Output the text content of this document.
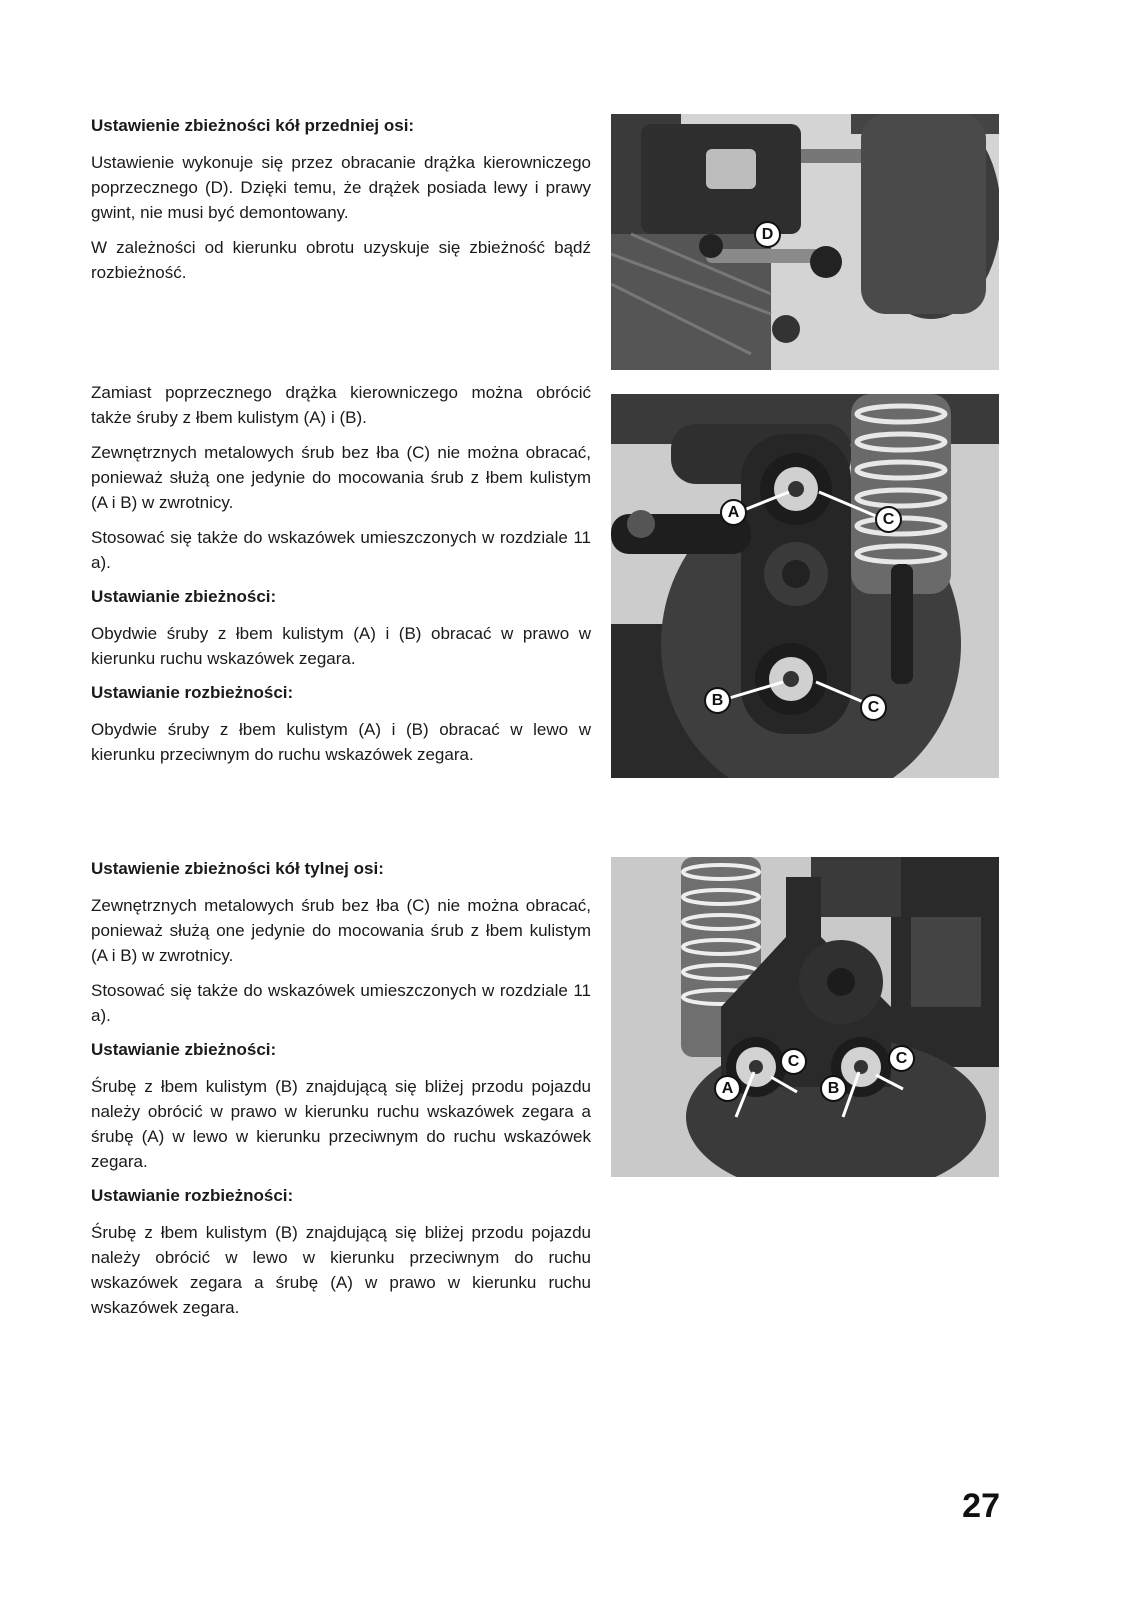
Ustawienie zbieżności kół przedniej osi:

Ustawienie wykonuje się przez obracanie drążka kierowniczego poprzecznego (D). Dzięki temu, że drążek posiada lewy i prawy gwint, nie musi być demontowany.

W zależności od kierunku obrotu uzyskuje się zbieżność bądź rozbieżność.

D

Zamiast poprzecznego drążka kierowniczego można obrócić także śruby z łbem kulistym (A) i (B).

Zewnętrznych metalowych śrub bez łba (C) nie można obracać, ponieważ służą one jedynie do mocowania śrub z łbem kulistym (A i B) w zwrotnicy.

Stosować się także do wskazówek umieszczonych w rozdziale 11 a).

Ustawianie zbieżności:

Obydwie śruby z łbem kulistym (A) i (B) obracać w prawo w kierunku ruchu wskazówek zegara.

Ustawianie rozbieżności:

Obydwie śruby z łbem kulistym (A) i (B) obracać w lewo w kierunku przeciwnym do ruchu wskazówek zegara.

A	C
B	C
Ustawienie zbieżności kół tylnej osi:

Zewnętrznych metalowych śrub bez łba (C) nie można obracać, ponieważ służą one jedynie do mocowania śrub z łbem kulistym (A i B) w zwrotnicy.

Stosować się także do wskazówek umieszczonych w rozdziale 11 a).

Ustawianie zbieżności:

Śrubę z łbem kulistym (B) znajdującą się bliżej przodu pojazdu należy obrócić w prawo w kierunku ruchu wskazówek zegara a śrubę (A) w lewo w kierunku przeciwnym do ruchu wskazówek zegara.

Ustawianie rozbieżności:

Śrubę z łbem kulistym (B) znajdującą się bliżej przodu pojazdu należy obrócić w lewo w kierunku przeciwnym do ruchu wskazówek zegara a śrubę (A) w prawo w kierunku ruchu wskazówek zegara.

A
C
B
C
27
